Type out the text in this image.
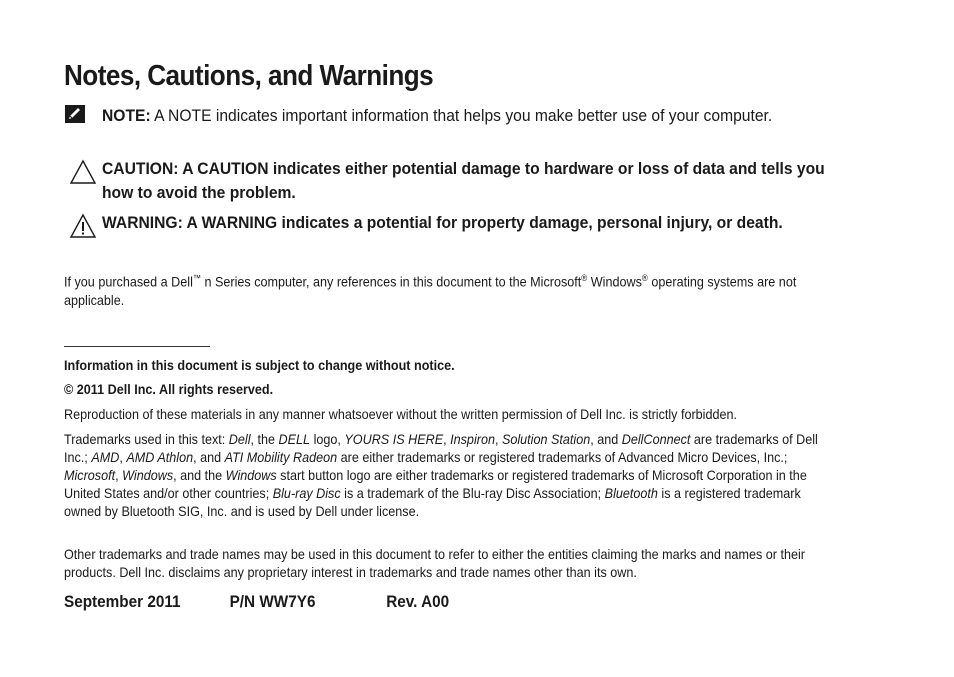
Notes, Cautions, and Warnings
NOTE: A NOTE indicates important information that helps you make better use of your computer.
CAUTION: A CAUTION indicates either potential damage to hardware or loss of data and tells you how to avoid the problem.
WARNING: A WARNING indicates a potential for property damage, personal injury, or death.
If you purchased a Dell™ n Series computer, any references in this document to the Microsoft® Windows® operating systems are not applicable.
Information in this document is subject to change without notice.
© 2011 Dell Inc. All rights reserved.
Reproduction of these materials in any manner whatsoever without the written permission of Dell Inc. is strictly forbidden.
Trademarks used in this text: Dell, the DELL logo, YOURS IS HERE, Inspiron, Solution Station, and DellConnect are trademarks of Dell Inc.; AMD, AMD Athlon, and ATI Mobility Radeon are either trademarks or registered trademarks of Advanced Micro Devices, Inc.; Microsoft, Windows, and the Windows start button logo are either trademarks or registered trademarks of Microsoft Corporation in the United States and/or other countries; Blu-ray Disc is a trademark of the Blu-ray Disc Association; Bluetooth is a registered trademark owned by Bluetooth SIG, Inc. and is used by Dell under license.
Other trademarks and trade names may be used in this document to refer to either the entities claiming the marks and names or their products. Dell Inc. disclaims any proprietary interest in trademarks and trade names other than its own.
September 2011	P/N WW7Y6	Rev. A00
